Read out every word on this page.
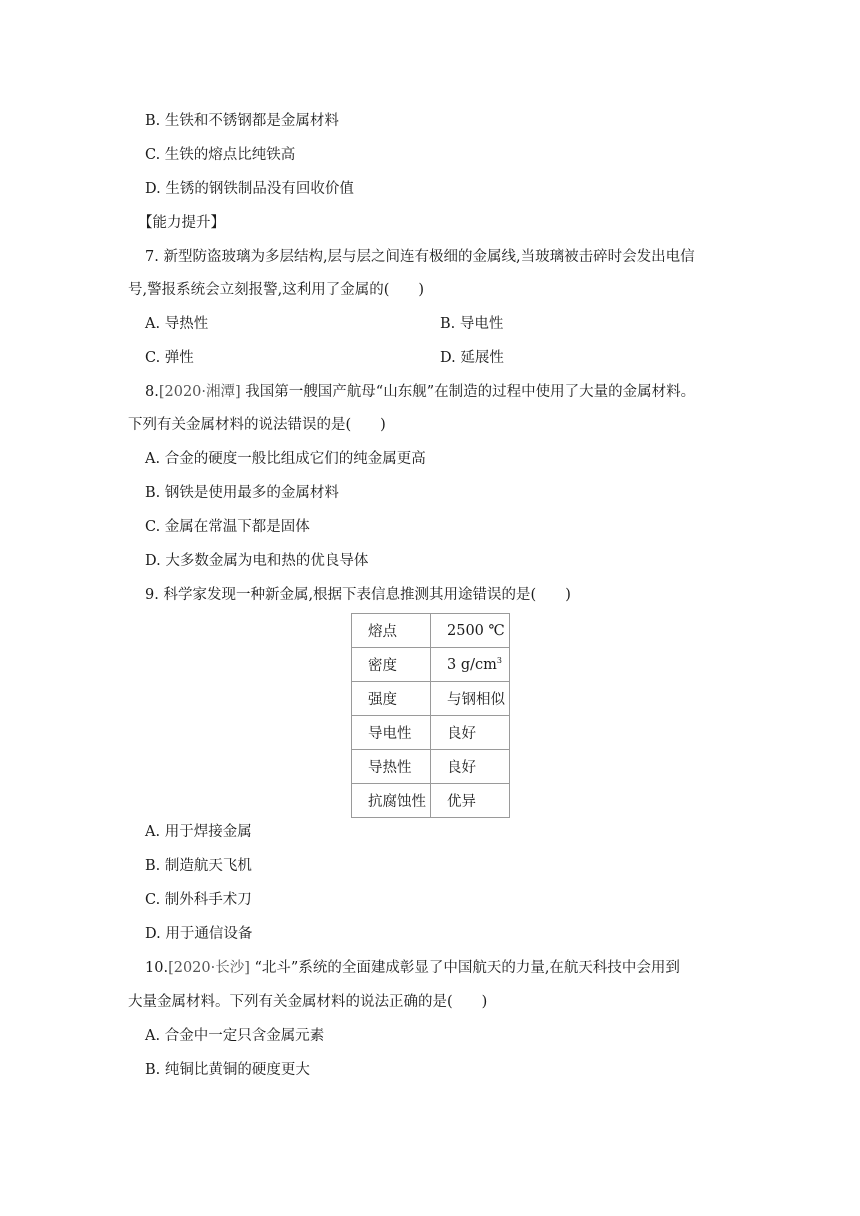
B. 生铁和不锈钢都是金属材料
C. 生铁的熔点比纯铁高
D. 生锈的钢铁制品没有回收价值
【能力提升】
7. 新型防盗玻璃为多层结构,层与层之间连有极细的金属线,当玻璃被击碎时会发出电信
号,警报系统会立刻报警,这利用了金属的(　　)
A. 导热性	B. 导电性
C. 弹性	D. 延展性
8.[2020·湘潭] 我国第一艘国产航母“山东舰”在制造的过程中使用了大量的金属材料。
下列有关金属材料的说法错误的是(　　)
A. 合金的硬度一般比组成它们的纯金属更高
B. 钢铁是使用最多的金属材料
C. 金属在常温下都是固体
D. 大多数金属为电和热的优良导体
9. 科学家发现一种新金属,根据下表信息推测其用途错误的是(　　)
熔点	2500 ℃
密度	3 $g/cm^3$
强度	与钢相似
导电性	良好
导热性	良好
抗腐蚀性	优异
A. 用于焊接金属
B. 制造航天飞机
C. 制外科手术刀
D. 用于通信设备
10.[2020·长沙] “北斗”系统的全面建成彰显了中国航天的力量,在航天科技中会用到
大量金属材料。下列有关金属材料的说法正确的是(　　)
A. 合金中一定只含金属元素
B. 纯铜比黄铜的硬度更大
